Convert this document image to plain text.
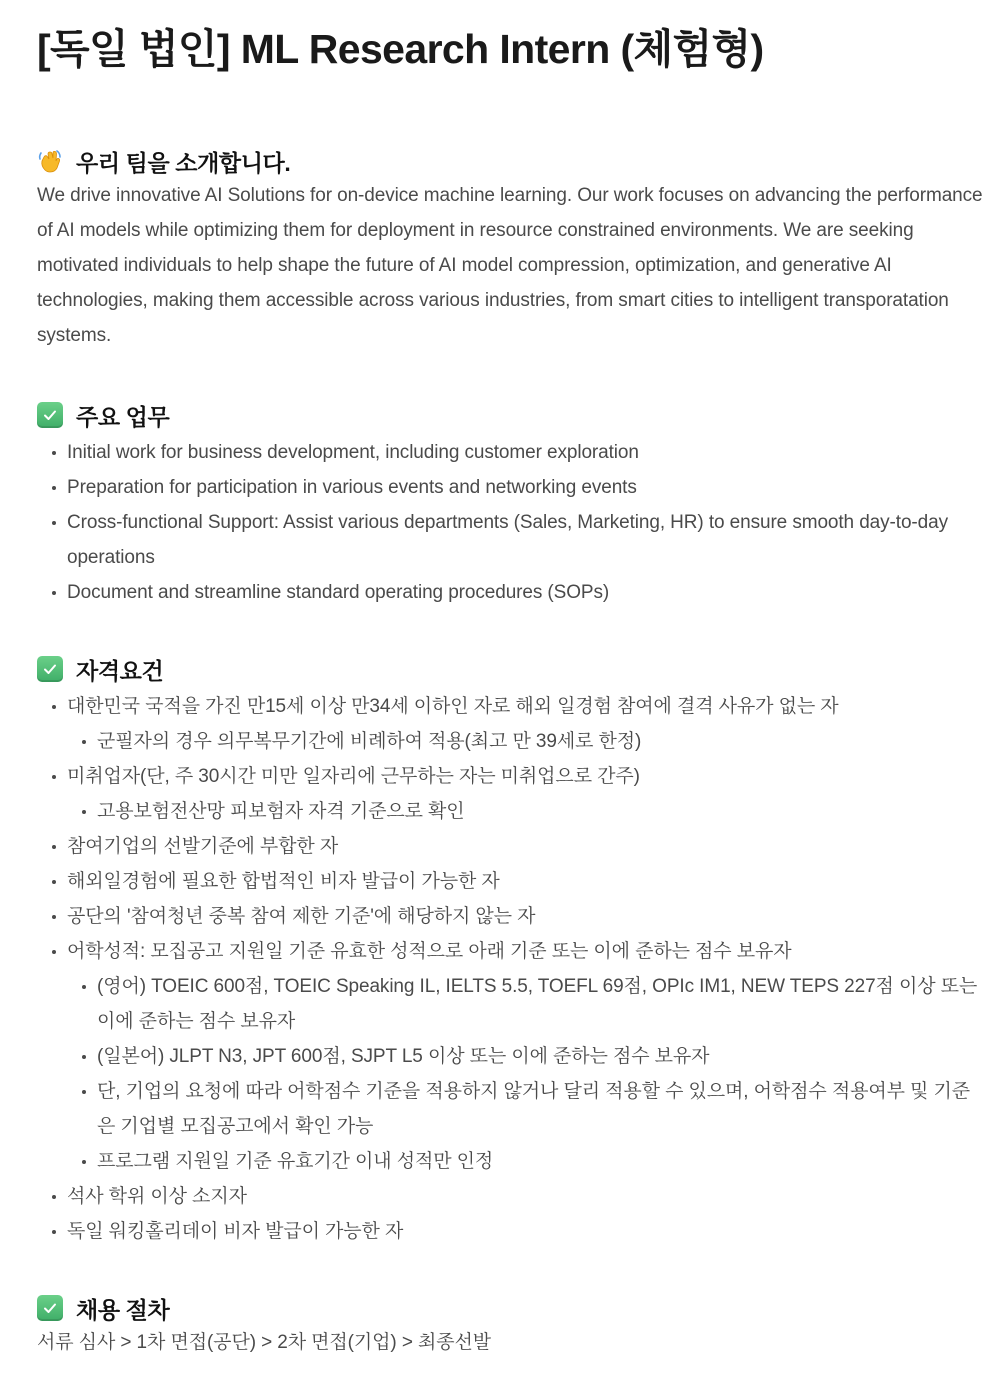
[독일 법인] ML Research Intern (체험형)
우리 팀을 소개합니다.

We drive innovative AI Solutions for on-device machine learning. Our work focuses on advancing the performance of AI models while optimizing them for deployment in resource constrained environments. We are seeking motivated individuals to help shape the future of AI model compression, optimization, and generative AI technologies, making them accessible across various industries, from smart cities to intelligent transporatation systems.

주요 업무
Initial work for business development, including customer exploration
Preparation for participation in various events and networking events
Cross-functional Support: Assist various departments (Sales, Marketing, HR) to ensure smooth day-to-day operations
Document and streamline standard operating procedures (SOPs)
자격요건
대한민국 국적을 가진 만15세 이상 만34세 이하인 자로 해외 일경험 참여에 결격 사유가 없는 자
군필자의 경우 의무복무기간에 비례하여 적용(최고 만 39세로 한정)
미취업자(단, 주 30시간 미만 일자리에 근무하는 자는 미취업으로 간주)
고용보험전산망 피보험자 자격 기준으로 확인
참여기업의 선발기준에 부합한 자
해외일경험에 필요한 합법적인 비자 발급이 가능한 자
공단의 '참여청년 중복 참여 제한 기준'에 해당하지 않는 자
어학성적: 모집공고 지원일 기준 유효한 성적으로 아래 기준 또는 이에 준하는 점수 보유자
(영어) TOEIC 600점, TOEIC Speaking IL, IELTS 5.5, TOEFL 69점, OPIc IM1, NEW TEPS 227점 이상 또는 이에 준하는 점수 보유자
(일본어) JLPT N3, JPT 600점, SJPT L5 이상 또는 이에 준하는 점수 보유자
단, 기업의 요청에 따라 어학점수 기준을 적용하지 않거나 달리 적용할 수 있으며, 어학점수 적용여부 및 기준은 기업별 모집공고에서 확인 가능
프로그램 지원일 기준 유효기간 이내 성적만 인정
석사 학위 이상 소지자
독일 워킹홀리데이 비자 발급이 가능한 자
채용 절차

서류 심사 > 1차 면접(공단) > 2차 면접(기업) > 최종선발
